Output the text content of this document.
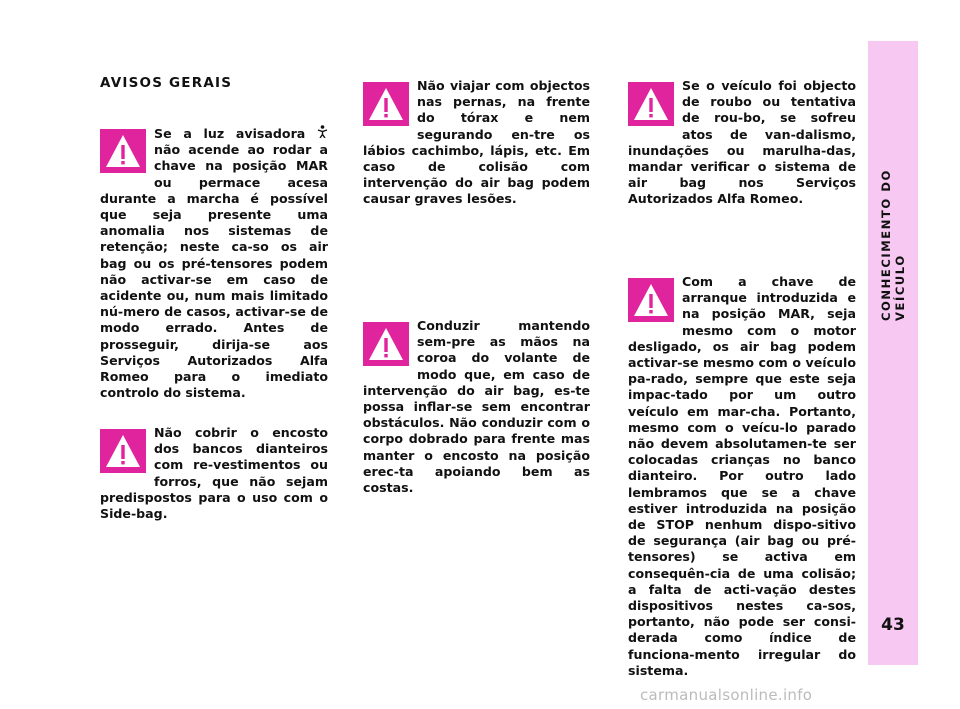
CONHECIMENTO DO VEÍCULO
43
AVISOS GERAIS

Se a luz avisadora  não acende ao rodar a chave na posição MAR ou permace acesa durante a marcha é possível que seja presente uma anomalia nos sistemas de retenção; neste ca-so os air bag ou os pré-tensores podem não activar-se em caso de acidente ou, num mais limitado nú-mero de casos, activar-se de modo errado. Antes de prosseguir, dirija-se aos Serviços Autorizados Alfa Romeo para o imediato controlo do sistema.

Não cobrir o encosto dos bancos dianteiros com re-vestimentos ou forros, que não sejam predispostos para o uso com o Side-bag.

Não viajar com objectos nas pernas, na frente do tórax e nem segurando en-tre os lábios cachimbo, lápis, etc. Em caso de colisão com intervenção do air bag podem causar graves lesões.

Conduzir mantendo sem-pre as mãos na coroa do volante de modo que, em caso de intervenção do air bag, es-te possa inflar-se sem encontrar obstáculos. Não conduzir com o corpo dobrado para frente mas manter o encosto na posição erec-ta apoiando bem as costas.

Se o veículo foi objecto de roubo ou tentativa de rou-bo, se sofreu atos de van-dalismo, inundações ou marulha-das, mandar verificar o sistema de air bag nos Serviços Autorizados Alfa Romeo.

Com a chave de arranque introduzida e na posição MAR, seja mesmo com o motor desligado, os air bag podem activar-se mesmo com o veículo pa-rado, sempre que este seja impac-tado por um outro veículo em mar-cha. Portanto, mesmo com o veícu-lo parado não devem absolutamen-te ser colocadas crianças no banco dianteiro. Por outro lado lembramos que se a chave estiver introduzida na posição de STOP nenhum dispo-sitivo de segurança (air bag ou pré-tensores) se activa em consequên-cia de uma colisão; a falta de acti-vação destes dispositivos nestes ca-sos, portanto, não pode ser consi-derada como índice de funciona-mento irregular do sistema.

carmanualsonline.info
